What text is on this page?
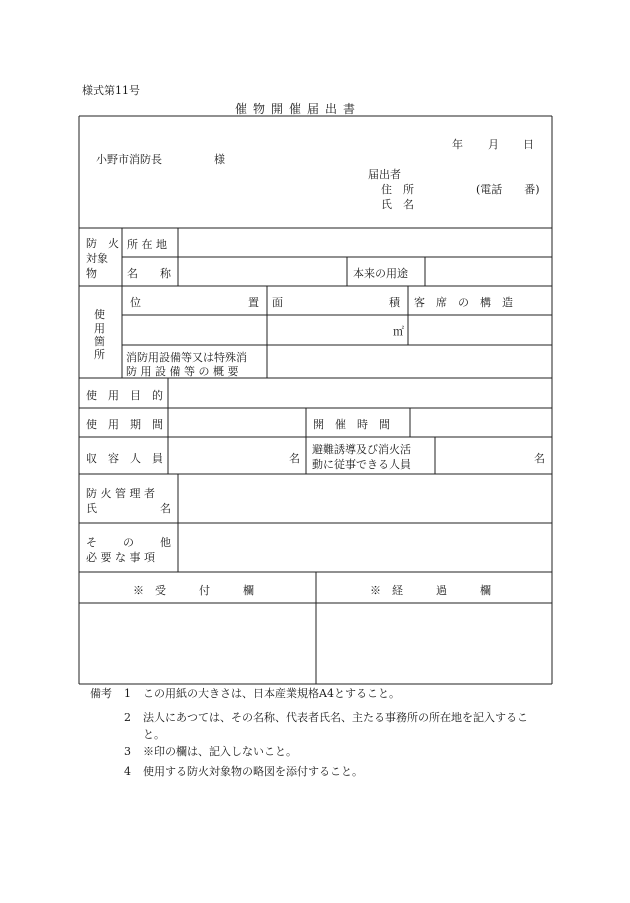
様式第11号
催物開催届出書
年 月 日
小野市消防長	様
届出者
住　所	(電話　　番)
氏　名
防　火
対象
物
所 在 地
名　　称	本来の用途
使
用
箇
所
位	置 面	積 客　席　の　構　造
㎡
消防用設備等又は特殊消
防 用 設 備 等 の 概 要
使　用　目　的
使　用　期　間	開　催　時　間
収　容　人　員	名
避難誘導及び消火活
動に従事できる人員	名
防 火 管 理 者
氏	名
そ の 他
必 要 な 事 項
※　受　　　付　　　欄	※　経　　　過　　　欄
備考 1 この用紙の大きさは、日本産業規格A4とすること。
2 法人にあつては、その名称、代表者氏名、主たる事務所の所在地を記入するこ
と。
3 ※印の欄は、記入しないこと。
4 使用する防火対象物の略図を添付すること。
